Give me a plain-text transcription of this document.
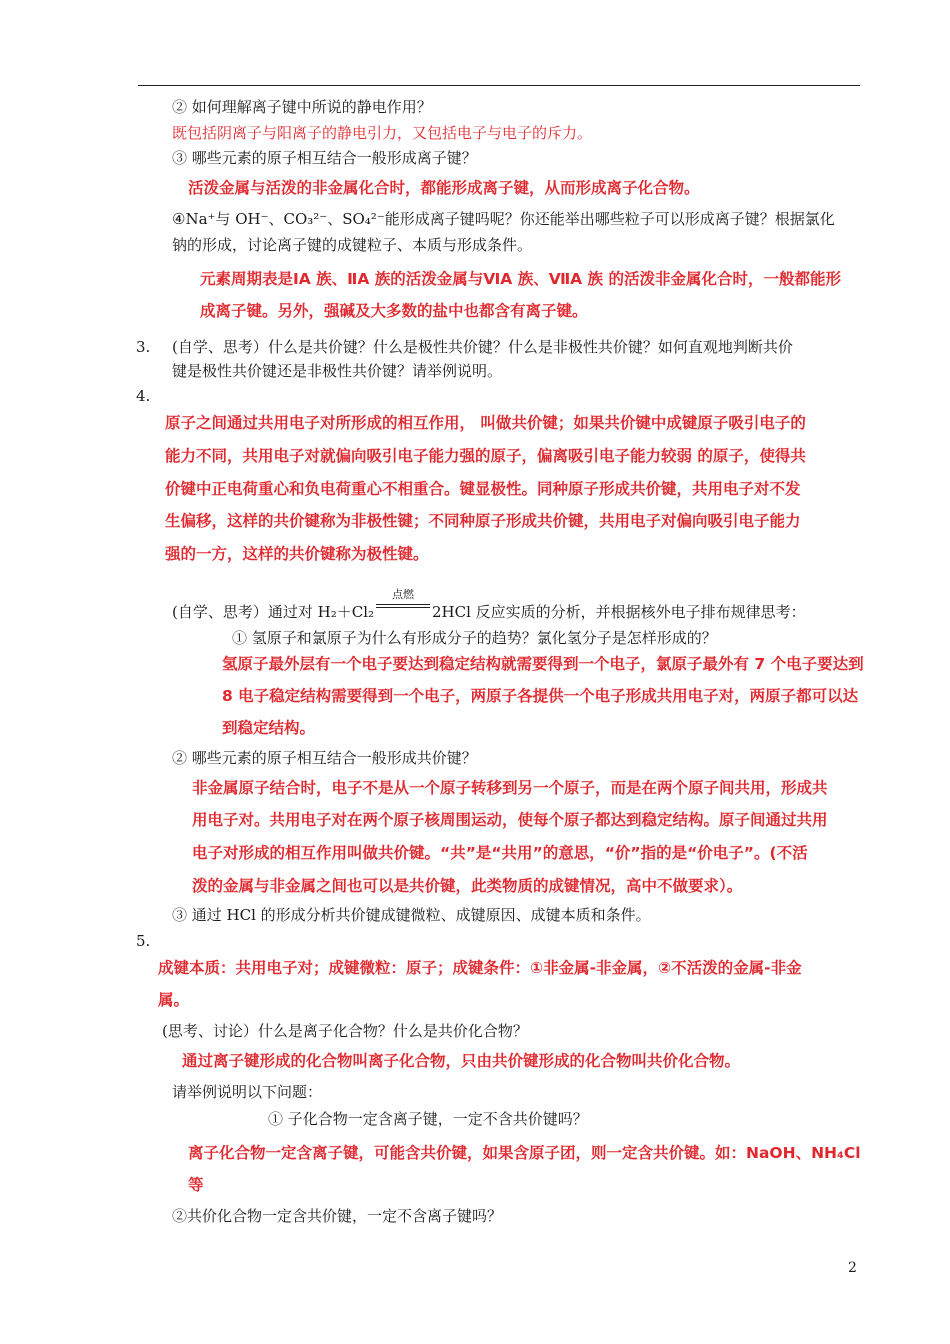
② 如何理解离子键中所说的静电作用？
既包括阴离子与阳离子的静电引力，又包括电子与电子的斥力。
③ 哪些元素的原子相互结合一般形成离子键？
活泼金属与活泼的非金属化合时，都能形成离子键，从而形成离子化合物。
④Na⁺与 OH⁻、CO₃²⁻、SO₄²⁻能形成离子键吗呢？你还能举出哪些粒子可以形成离子键？根据氯化
钠的形成，讨论离子键的成键粒子、本质与形成条件。
元素周期表是ⅠA 族、ⅡA 族的活泼金属与ⅥA 族、ⅦA 族 的活泼非金属化合时，一般都能形
成离子键。另外，强碱及大多数的盐中也都含有离子键。
3. (自学、思考）什么是共价键？什么是极性共价键？什么是非极性共价键？如何直观地判断共价
键是极性共价键还是非极性共价键？请举例说明。
4.
原子之间通过共用电子对所形成的相互作用， 叫做共价键；如果共价键中成键原子吸引电子的
能力不同，共用电子对就偏向吸引电子能力强的原子，偏离吸引电子能力较弱 的原子，使得共
价键中正电荷重心和负电荷重心不相重合。键显极性。同种原子形成共价键，共用电子对不发
生偏移，这样的共价键称为非极性键；不同种原子形成共价键，共用电子对偏向吸引电子能力
强的一方，这样的共价键称为极性键。
(自学、思考）通过对 H₂＋Cl₂
点燃
2HCl 反应实质的分析，并根据核外电子排布规律思考：
① 氢原子和氯原子为什么有形成分子的趋势？氯化氢分子是怎样形成的？
氢原子最外层有一个电子要达到稳定结构就需要得到一个电子，氯原子最外有 7 个电子要达到
8 电子稳定结构需要得到一个电子，两原子各提供一个电子形成共用电子对，两原子都可以达
到稳定结构。
② 哪些元素的原子相互结合一般形成共价键？
非金属原子结合时，电子不是从一个原子转移到另一个原子，而是在两个原子间共用，形成共
用电子对。共用电子对在两个原子核周围运动，使每个原子都达到稳定结构。原子间通过共用
电子对形成的相互作用叫做共价键。“共”是“共用”的意思，“价”指的是“价电子”。(不活
泼的金属与非金属之间也可以是共价键，此类物质的成键情况，高中不做要求）。
③ 通过 HCl 的形成分析共价键成键微粒、成键原因、成键本质和条件。
5.
成键本质：共用电子对；成键微粒：原子；成键条件：①非金属-非金属，②不活泼的金属-非金
属。
(思考、讨论）什么是离子化合物？什么是共价化合物？
通过离子键形成的化合物叫离子化合物，只由共价键形成的化合物叫共价化合物。
请举例说明以下问题：
① 子化合物一定含离子键，一定不含共价键吗？
离子化合物一定含离子键，可能含共价键，如果含原子团，则一定含共价键。如：NaOH、NH₄Cl
等
②共价化合物一定含共价键，一定不含离子键吗？
2
